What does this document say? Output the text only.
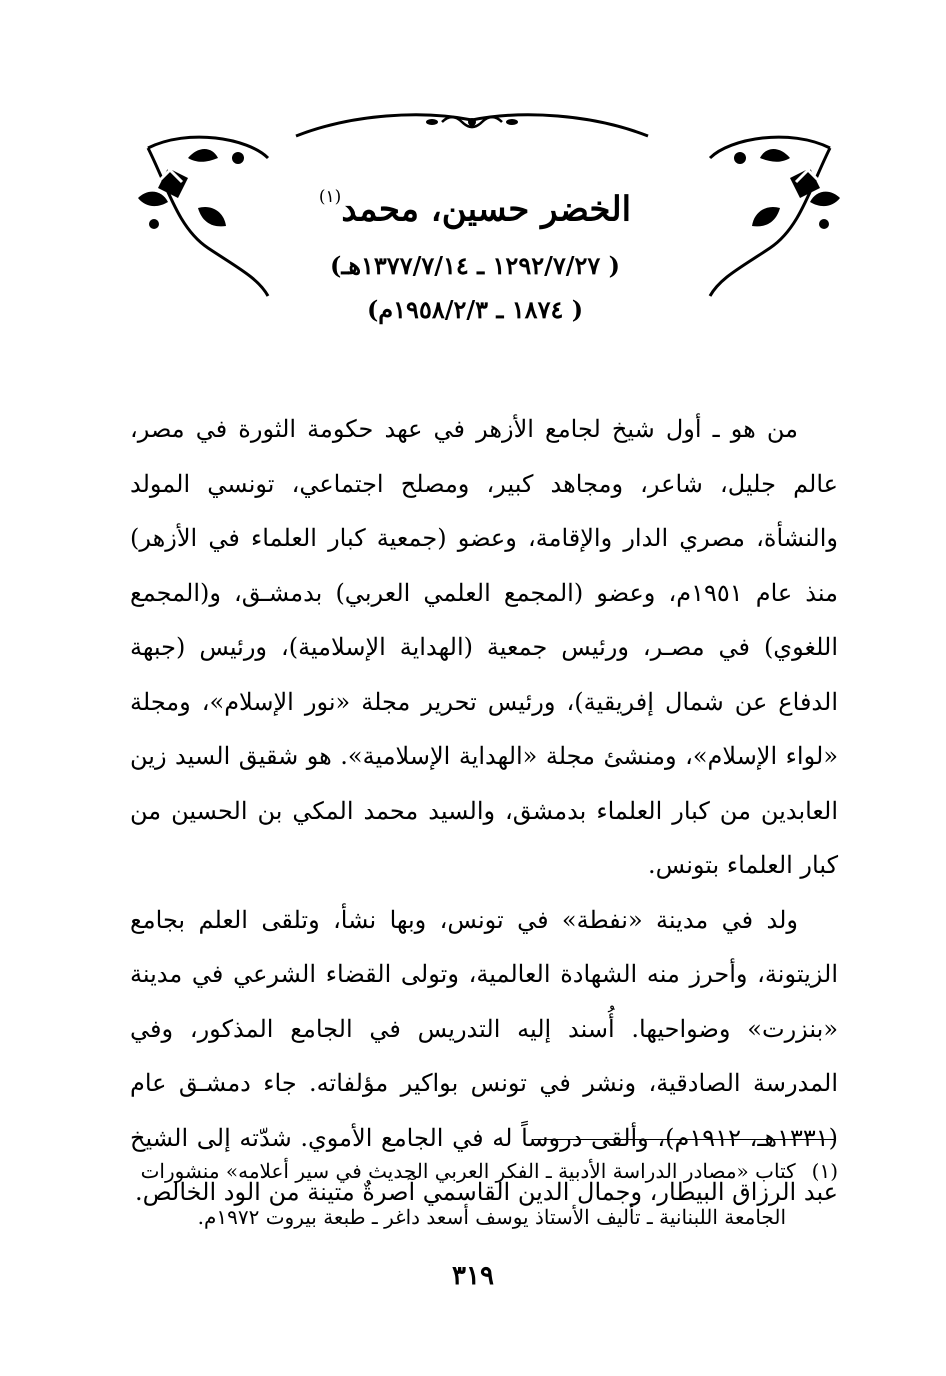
الخضر حسين، محمد$^{(١)}$
( ١٢٩٢/٧/٢٧ ـ ١٣٧٧/٧/١٤هـ)
( ١٨٧٤ ـ ١٩٥٨/٢/٣م)

من هو ـ أول شيخ لجامع الأزهر في عهد حكومة الثورة في مصر، عالم جليل، شاعر، ومجاهد كبير، ومصلح اجتماعي، تونسي المولد والنشأة، مصري الدار والإقامة، وعضو (جمعية كبار العلماء في الأزهر) منذ عام ١٩٥١م، وعضو (المجمع العلمي العربي) بدمشـق، و(المجمع اللغوي) في مصـر، ورئيس جمعية (الهداية الإسلامية)، ورئيس (جبهة الدفاع عن شمال إفريقية)، ورئيس تحرير مجلة «نور الإسلام»، ومجلة «لواء الإسلام»، ومنشئ مجلة «الهداية الإسلامية». هو شقيق السيد زين العابدين من كبار العلماء بدمشق، والسيد محمد المكي بن الحسين من كبار العلماء بتونس.

ولد في مدينة «نفطة» في تونس، وبها نشأ، وتلقى العلم بجامع الزيتونة، وأحرز منه الشهادة العالمية، وتولى القضاء الشرعي في مدينة «بنزرت» وضواحيها. أُسند إليه التدريس في الجامع المذكور، وفي المدرسة الصادقية، ونشر في تونس بواكير مؤلفاته. جاء دمشـق عام (١٣٣١هـ، ١٩١٢م)، وألقى دروساً له في الجامع الأموي. شدّته إلى الشيخ عبد الرزاق البيطار، وجمال الدين القاسمي آصرةٌ متينة من الود الخالص.

(١)كتاب «مصادر الدراسة الأدبية ـ الفكر العربي الحديث في سير أعلامه» منشورات

الجامعة اللبنانية ـ تأليف الأستاذ يوسف أسعد داغر ـ طبعة بيروت ١٩٧٢م.

٣١٩
